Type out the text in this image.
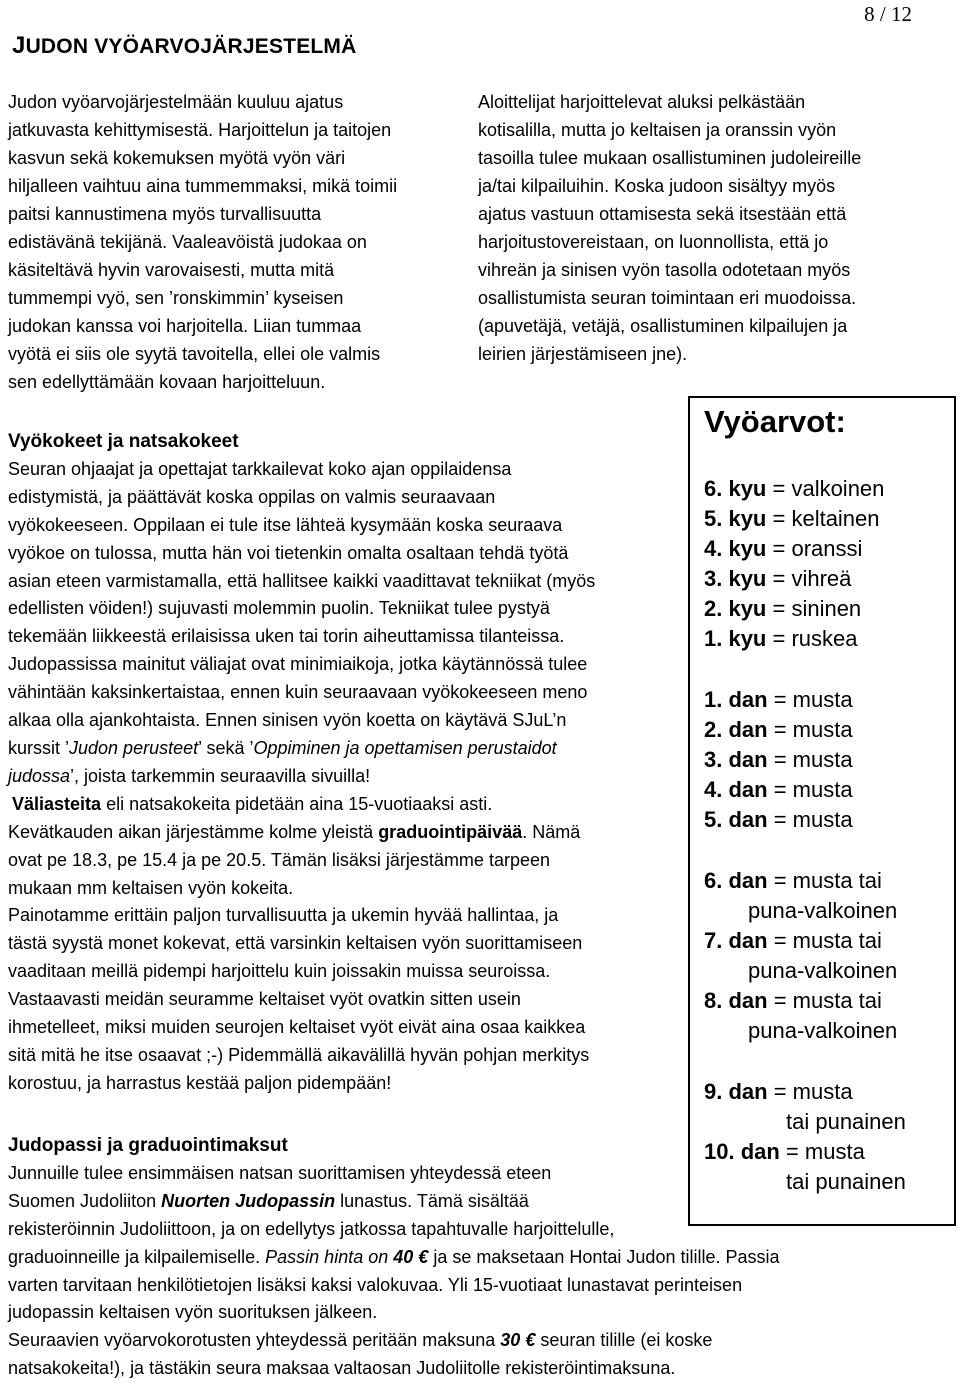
8 / 12
JUDON VYÖARVOJÄRJESTELMÄ
Judon vyöarvojärjestelmään kuuluu ajatus
jatkuvasta kehittymisestä. Harjoittelun ja taitojen
kasvun sekä kokemuksen myötä vyön väri
hiljalleen vaihtuu aina tummemmaksi, mikä toimii
paitsi kannustimena myös turvallisuutta
edistävänä tekijänä. Vaaleavöistä judokaa on
käsiteltävä hyvin varovaisesti, mutta mitä
tummempi vyö, sen ’ronskimmin’ kyseisen
judokan kanssa voi harjoitella. Liian tummaa
vyötä ei siis ole syytä tavoitella, ellei ole valmis
sen edellyttämään kovaan harjoitteluun.
Aloittelijat harjoittelevat aluksi pelkästään
kotisalilla, mutta jo keltaisen ja oranssin vyön
tasoilla tulee mukaan osallistuminen judoleireille
ja/tai kilpailuihin. Koska judoon sisältyy myös
ajatus vastuun ottamisesta sekä itsestään että
harjoitustovereistaan, on luonnollista, että jo
vihreän ja sinisen vyön tasolla odotetaan myös
osallistumista seuran toimintaan eri muodoissa.
(apuvetäjä, vetäjä, osallistuminen kilpailujen ja
leirien järjestämiseen jne).
Vyökokeet ja natsakokeet
Seuran ohjaajat ja opettajat tarkkailevat koko ajan oppilaidensa
edistymistä, ja päättävät koska oppilas on valmis seuraavaan
vyökokeeseen. Oppilaan ei tule itse lähteä kysymään koska seuraava
vyökoe on tulossa, mutta hän voi tietenkin omalta osaltaan tehdä työtä
asian eteen varmistamalla, että hallitsee kaikki vaadittavat tekniikat (myös
edellisten vöiden!) sujuvasti molemmin puolin. Tekniikat tulee pystyä
tekemään liikkeestä erilaisissa uken tai torin aiheuttamissa tilanteissa.
Judopassissa mainitut väliajat ovat minimiaikoja, jotka käytännössä tulee
vähintään kaksinkertaistaa, ennen kuin seuraavaan vyökokeeseen meno
alkaa olla ajankohtaista. Ennen sinisen vyön koetta on käytävä SJuL’n
kurssit ’Judon perusteet’ sekä ’Oppiminen ja opettamisen perustaidot
judossa’, joista tarkemmin seuraavilla sivuilla!
Väliasteita eli natsakokeita pidetään aina 15-vuotiaaksi asti.
Kevätkauden aikan järjestämme kolme yleistä graduointipäivää. Nämä
ovat pe 18.3, pe 15.4 ja pe 20.5. Tämän lisäksi järjestämme tarpeen
mukaan mm keltaisen vyön kokeita.
Painotamme erittäin paljon turvallisuutta ja ukemin hyvää hallintaa, ja
tästä syystä monet kokevat, että varsinkin keltaisen vyön suorittamiseen
vaaditaan meillä pidempi harjoittelu kuin joissakin muissa seuroissa.
Vastaavasti meidän seuramme keltaiset vyöt ovatkin sitten usein
ihmetelleet, miksi muiden seurojen keltaiset vyöt eivät aina osaa kaikkea
sitä mitä he itse osaavat ;-) Pidemmällä aikavälillä hyvän pohjan merkitys
korostuu, ja harrastus kestää paljon pidempään!
Judopassi ja graduointimaksut
Junnuille tulee ensimmäisen natsan suorittamisen yhteydessä eteen
Suomen Judoliiton Nuorten Judopassin lunastus. Tämä sisältää
rekisteröinnin Judoliittoon, ja on edellytys jatkossa tapahtuvalle harjoittelulle,
graduoinneille ja kilpailemiselle. Passin hinta on 40 € ja se maksetaan Hontai Judon tilille. Passia
varten tarvitaan henkilötietojen lisäksi kaksi valokuvaa. Yli 15-vuotiaat lunastavat perinteisen
judopassin keltaisen vyön suorituksen jälkeen.
Seuraavien vyöarvokorotusten yhteydessä peritään maksuna 30 € seuran tilille (ei koske
natsakokeita!), ja tästäkin seura maksaa valtaosan Judoliitolle rekisteröintimaksuna.
Vyöarvot:
6. kyu = valkoinen
5. kyu = keltainen
4. kyu = oranssi
3. kyu = vihreä
2. kyu = sininen
1. kyu = ruskea
1. dan = musta
2. dan = musta
3. dan = musta
4. dan = musta
5. dan = musta
6. dan = musta tai
puna-valkoinen
7. dan = musta tai
puna-valkoinen
8. dan = musta tai
puna-valkoinen
9. dan = musta
tai punainen
10. dan = musta
tai punainen
